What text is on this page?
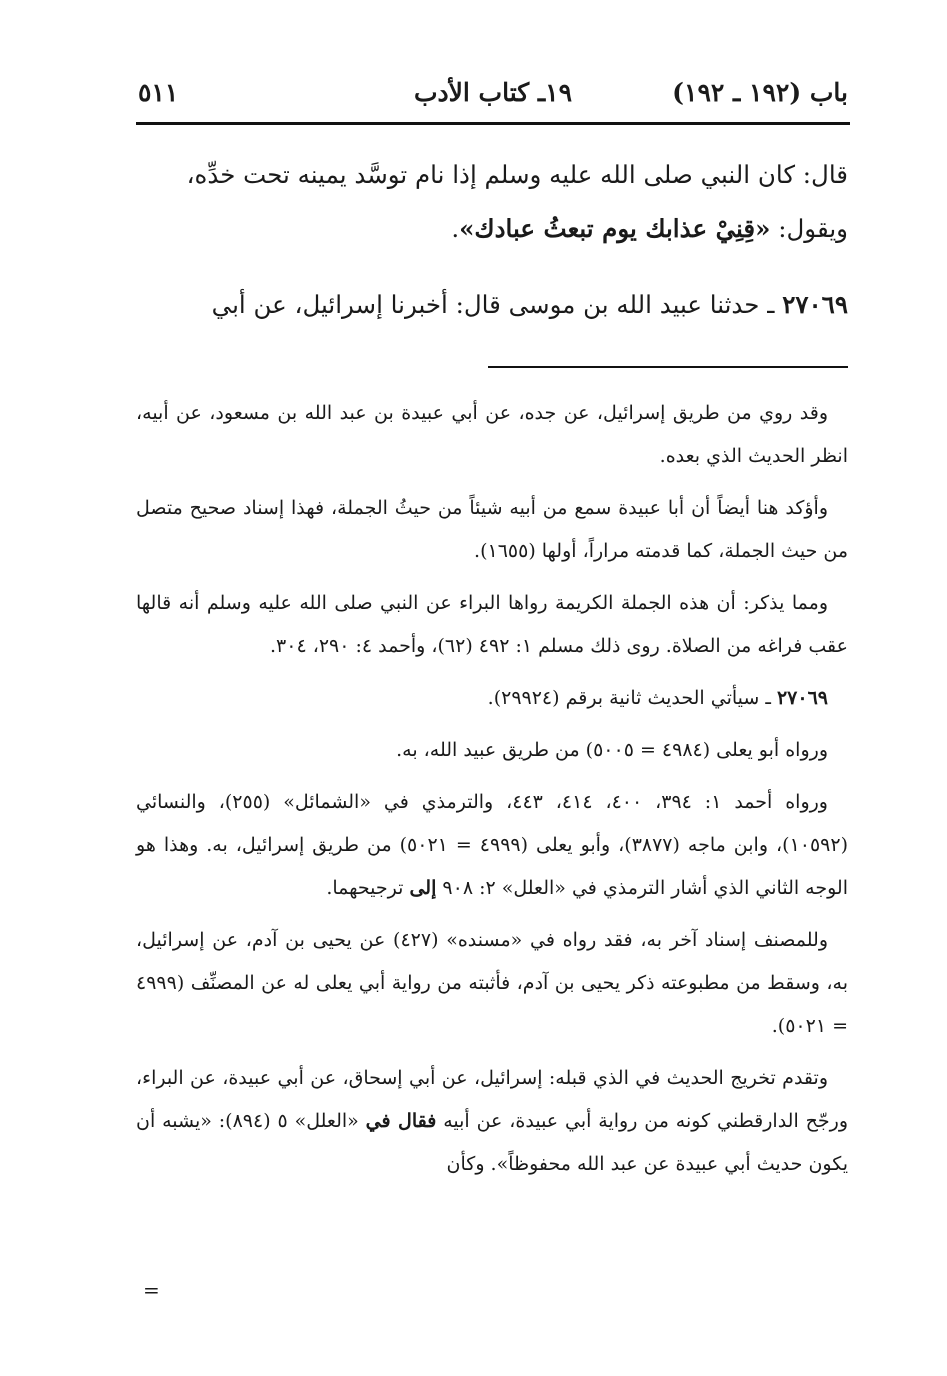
باب (١٩٢ ـ ١٩٢)
١٩ـ كتاب الأدب
٥١١

قال: كان النبي صلى الله عليه وسلم إذا نام توسَّد يمينه تحت خدِّه،

ويقول: «قِنِيْ عذابك يوم تبعثُ عبادك».

٢٧٠٦٩ ـ حدثنا عبيد الله بن موسى قال: أخبرنا إسرائيل، عن أبي

وقد روي من طريق إسرائيل، عن جده، عن أبي عبيدة بن عبد الله بن مسعود، عن أبيه، انظر الحديث الذي بعده.

وأؤكد هنا أيضاً أن أبا عبيدة سمع من أبيه شيئاً من حيثُ الجملة، فهذا إسناد صحيح متصل من حيث الجملة، كما قدمته مراراً، أولها (١٦٥٥).

ومما يذكر: أن هذه الجملة الكريمة رواها البراء عن النبي صلى الله عليه وسلم أنه قالها عقب فراغه من الصلاة. روى ذلك مسلم ١: ٤٩٢ (٦٢)، وأحمد ٤: ٢٩٠، ٣٠٤.

٢٧٠٦٩ ـ سيأتي الحديث ثانية برقم (٢٩٩٢٤).

ورواه أبو يعلى (٤٩٨٤ = ٥٠٠٥) من طريق عبيد الله، به.

ورواه أحمد ١: ٣٩٤، ٤٠٠، ٤١٤، ٤٤٣، والترمذي في «الشمائل» (٢٥٥)، والنسائي (١٠٥٩٢)، وابن ماجه (٣٨٧٧)، وأبو يعلى (٤٩٩٩ = ٥٠٢١) من طريق إسرائيل، به. وهذا هو الوجه الثاني الذي أشار الترمذي في «العلل» ٢: ٩٠٨ إلى ترجيحهما.

وللمصنف إسناد آخر به، فقد رواه في «مسنده» (٤٢٧) عن يحيى بن آدم، عن إسرائيل، به، وسقط من مطبوعته ذكر يحيى بن آدم، فأثبته من رواية أبي يعلى له عن المصنِّف (٤٩٩٩ = ٥٠٢١).

وتقدم تخريج الحديث في الذي قبله: إسرائيل، عن أبي إسحاق، عن أبي عبيدة، عن البراء، ورجّح الدارقطني كونه من رواية أبي عبيدة، عن أبيه فقال في «العلل» ٥ (٨٩٤): «يشبه أن يكون حديث أبي عبيدة عن عبد الله محفوظاً». وكأن

=
